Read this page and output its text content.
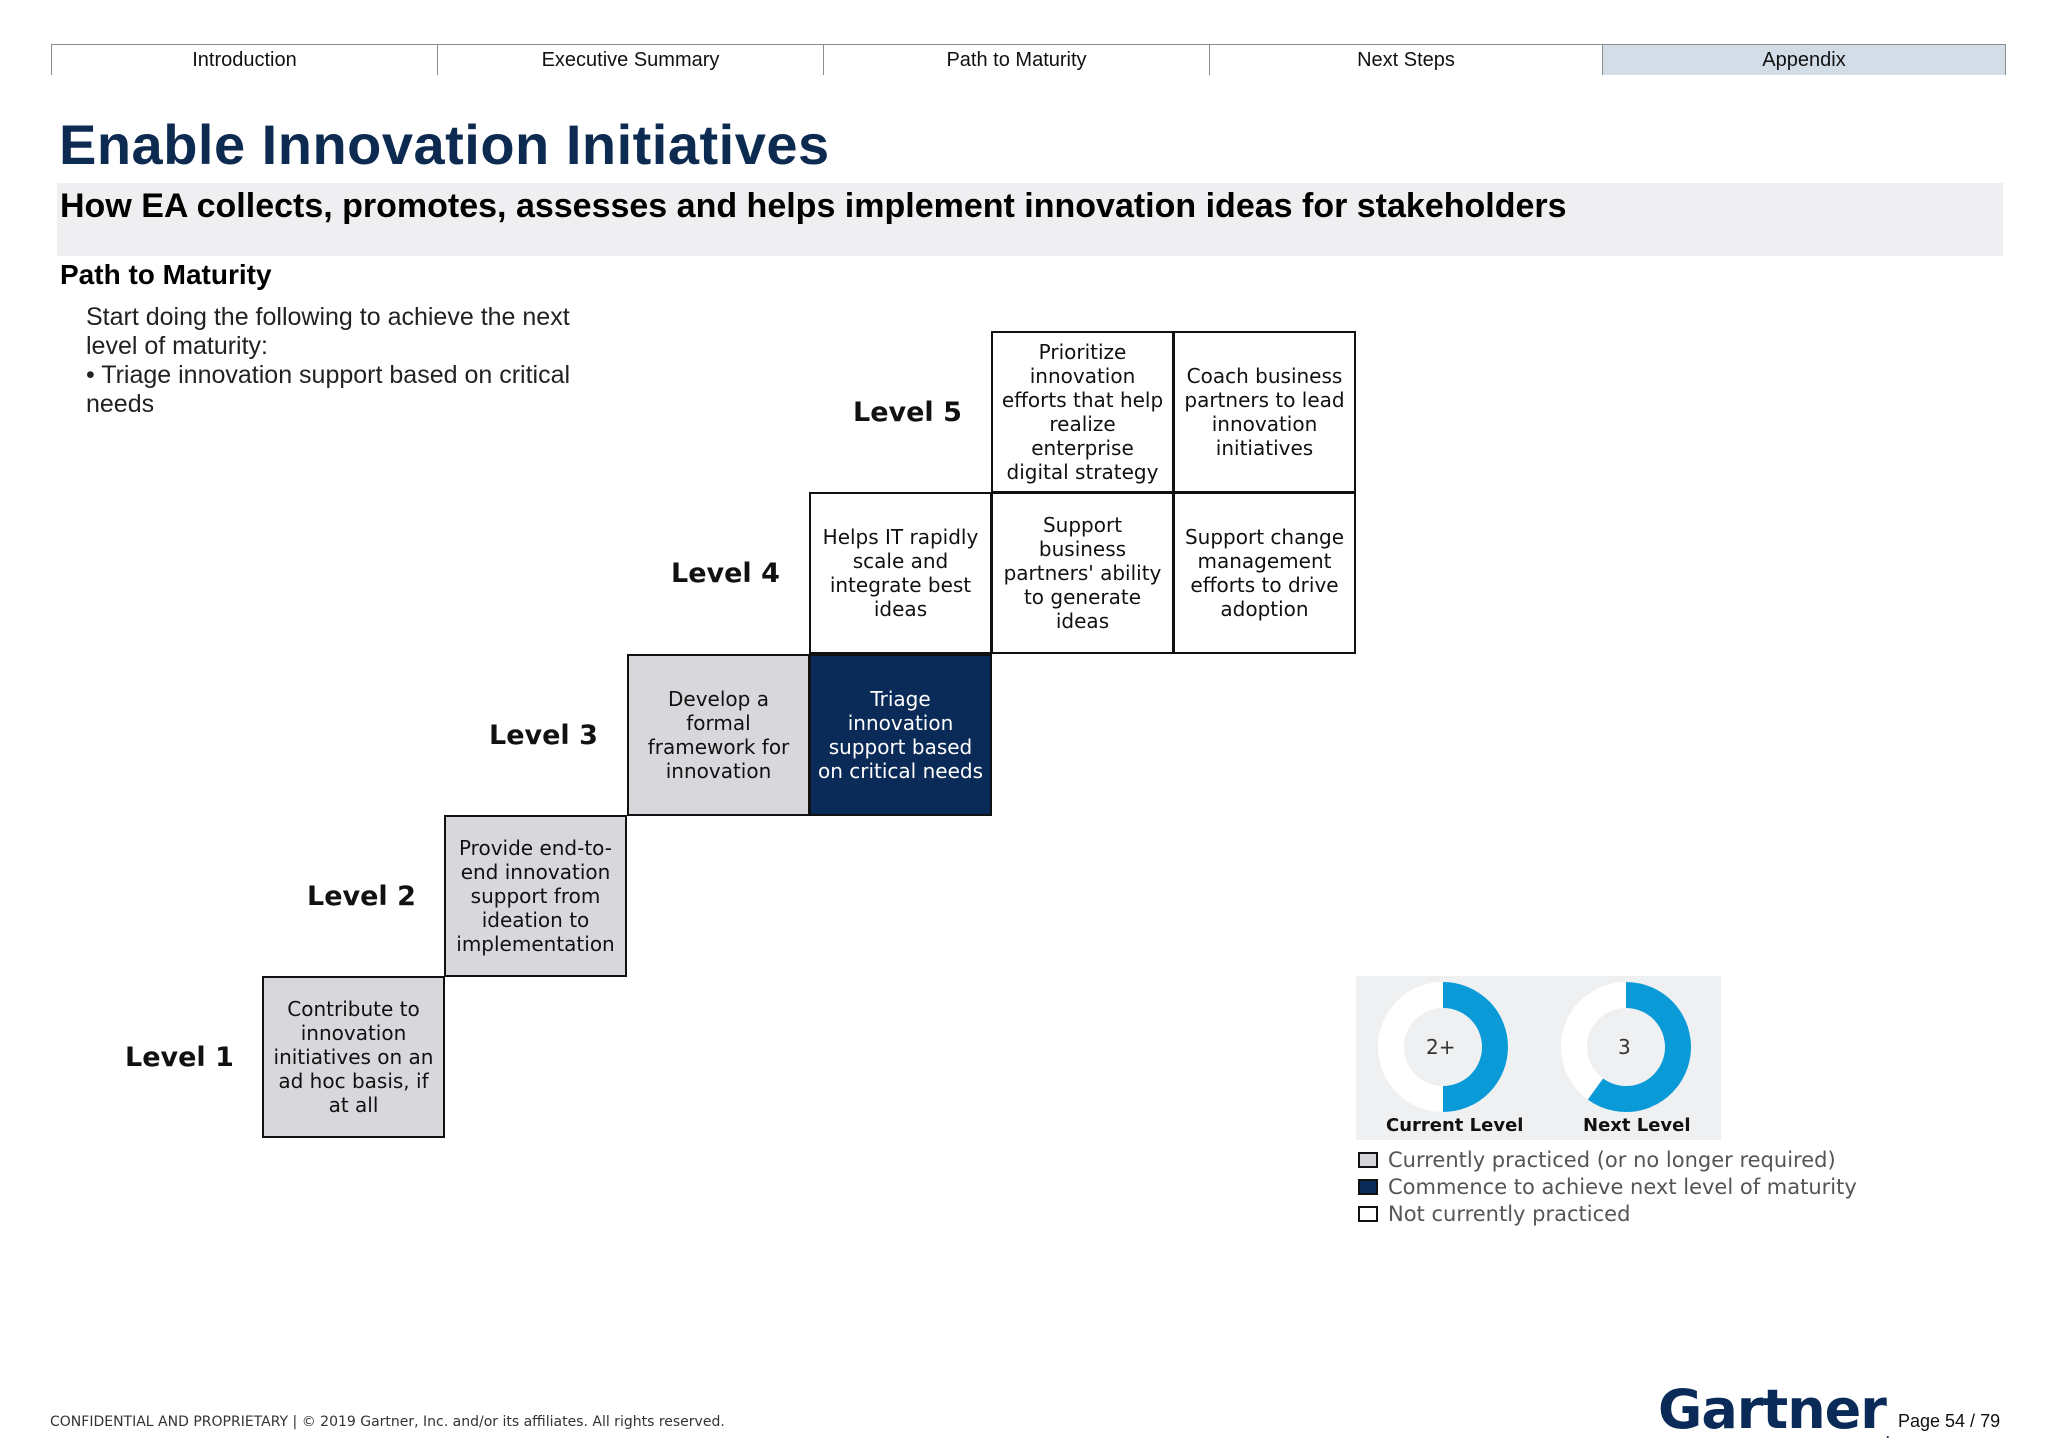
Introduction	Executive Summary	Path to Maturity	Next Steps	Appendix
Enable Innovation Initiatives
How EA collects, promotes, assesses and helps implement innovation ideas for stakeholders
Path to Maturity
Start doing the following to achieve the next level of maturity:
• Triage innovation support based on critical needs
Level 1
Level 2
Level 3
Level 4
Level 5
Contribute to innovation initiatives on an ad hoc basis, if at all
Provide end-to-end innovation support from ideation to implementation
Develop a formal framework for innovation
Triage innovation support based on critical needs
Helps IT rapidly scale and integrate best ideas
Support business partners' ability to generate ideas
Support change management efforts to drive adoption
Prioritize innovation efforts that help realize enterprise digital strategy
Coach business partners to lead innovation initiatives
2+
Current Level
3
Next Level
Currently practiced (or no longer required)
Commence to achieve next level of maturity
Not currently practiced
CONFIDENTIAL AND PROPRIETARY | © 2019 Gartner, Inc. and/or its affiliates. All rights reserved.	Gartner.
Page 54 / 79
